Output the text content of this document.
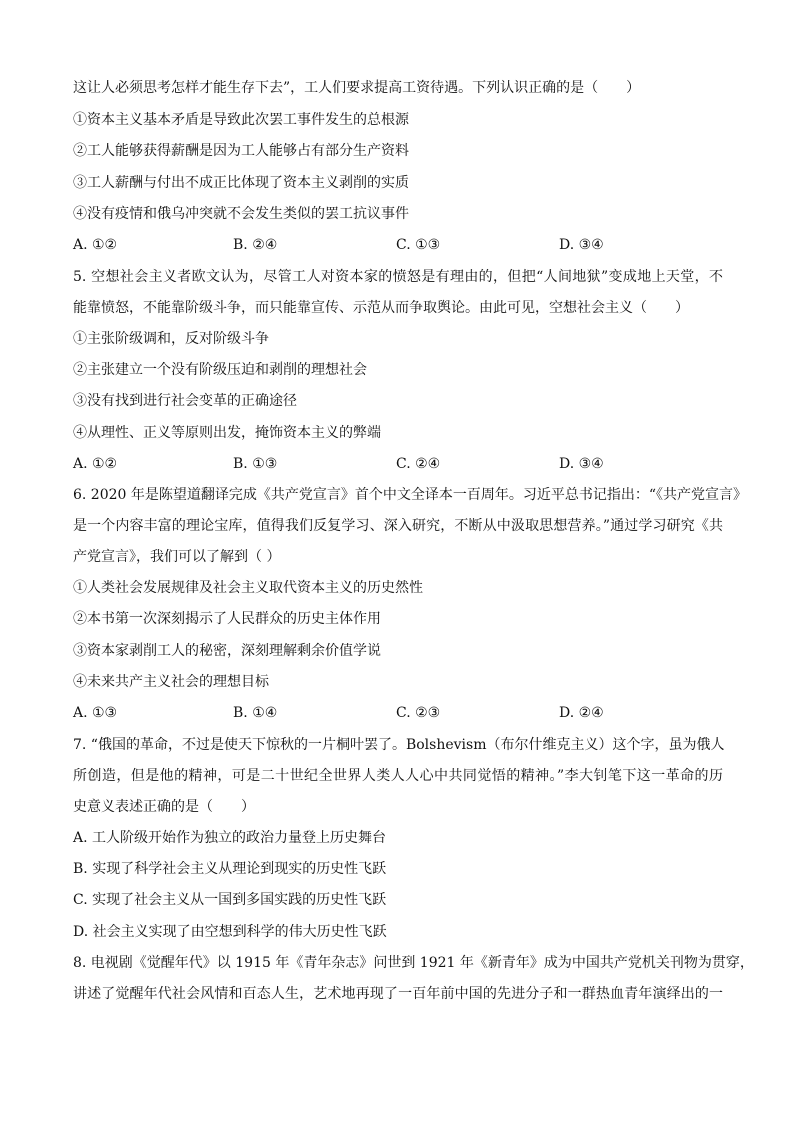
这让人必须思考怎样才能生存下去”，工人们要求提高工资待遇。下列认识正确的是（　　）
①资本主义基本矛盾是导致此次罢工事件发生的总根源
②工人能够获得薪酬是因为工人能够占有部分生产资料
③工人薪酬与付出不成正比体现了资本主义剥削的实质
④没有疫情和俄乌冲突就不会发生类似的罢工抗议事件
A. ①②	B. ②④	C. ①③	D. ③④
5. 空想社会主义者欧文认为，尽管工人对资本家的愤怒是有理由的，但把“人间地狱”变成地上天堂，不
能靠愤怒，不能靠阶级斗争，而只能靠宣传、示范从而争取舆论。由此可见，空想社会主义（　　）
①主张阶级调和，反对阶级斗争
②主张建立一个没有阶级压迫和剥削的理想社会
③没有找到进行社会变革的正确途径
④从理性、正义等原则出发，掩饰资本主义的弊端
A. ①②	B. ①③	C. ②④	D. ③④
6. 2020 年是陈望道翻译完成《共产党宣言》首个中文全译本一百周年。习近平总书记指出：“《共产党宣言》
是一个内容丰富的理论宝库，值得我们反复学习、深入研究，不断从中汲取思想营养。”通过学习研究《共
产党宣言》，我们可以了解到（ ）
①人类社会发展规律及社会主义取代资本主义的历史然性
②本书第一次深刻揭示了人民群众的历史主体作用
③资本家剥削工人的秘密，深刻理解剩余价值学说
④未来共产主义社会的理想目标
A. ①③	B. ①④	C. ②③	D. ②④
7. “俄国的革命，不过是使天下惊秋的一片桐叶罢了。Bolshevism（布尔什维克主义）这个字，虽为俄人
所创造，但是他的精神，可是二十世纪全世界人类人人心中共同觉悟的精神。”李大钊笔下这一革命的历
史意义表述正确的是（　　）
A. 工人阶级开始作为独立的政治力量登上历史舞台
B. 实现了科学社会主义从理论到现实的历史性飞跃
C. 实现了社会主义从一国到多国实践的历史性飞跃
D. 社会主义实现了由空想到科学的伟大历史性飞跃
8. 电视剧《觉醒年代》以 1915 年《青年杂志》问世到 1921 年《新青年》成为中国共产党机关刊物为贯穿，
讲述了觉醒年代社会风情和百态人生，艺术地再现了一百年前中国的先进分子和一群热血青年演绎出的一
